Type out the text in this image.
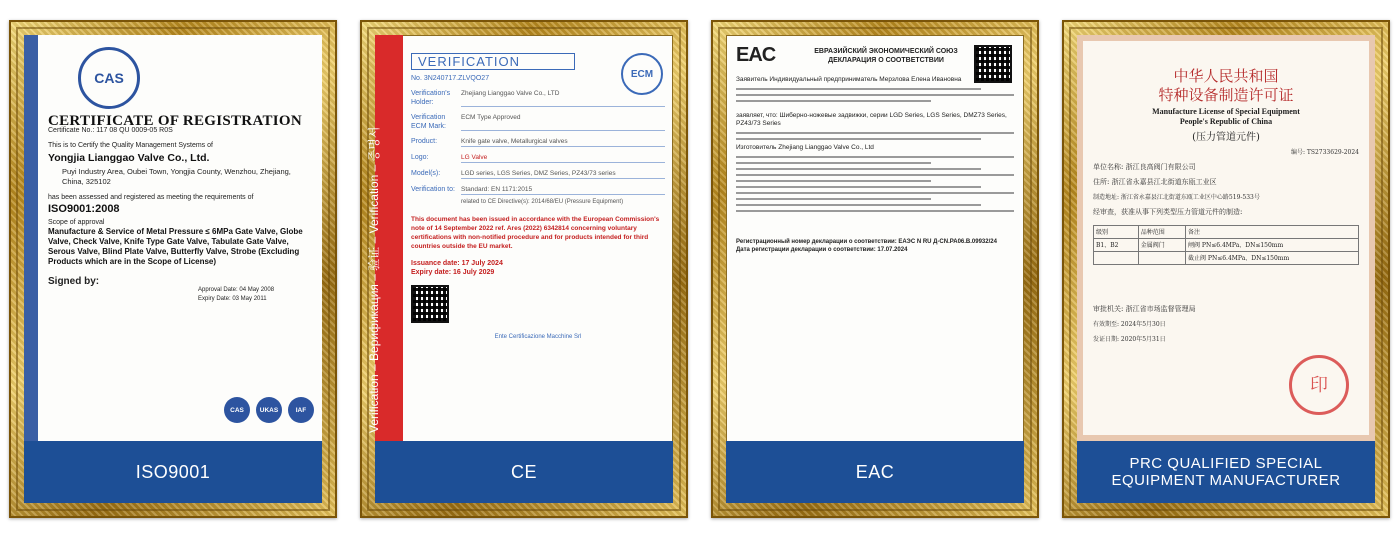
CAS
CERTIFICATE OF REGISTRATION
Certificate No.: 117 08 QU 0009-05 R0S
This is to Certify the Quality Management Systems of
Yongjia Lianggao Valve Co., Ltd.
Puyi Industry Area, Oubei Town, Yongjia County, Wenzhou, Zhejiang, China, 325102
has been assessed and registered as meeting the requirements of
ISO9001:2008
Scope of approval
Manufacture & Service of Metal Pressure ≤ 6MPa Gate Valve, Globe Valve, Check Valve, Knife Type Gate Valve, Tabulate Gate Valve, Serous Valve, Blind Plate Valve, Butterfly Valve, Strobe (Excluding Products which are in the Scope of License)
Signed by:
Approval Date: 04 May 2008
Expiry Date: 03 May 2011
CAS	UKAS	IAF
ISO9001
Verification – Верификация – 验证 – Verification – 증명서
VERIFICATION
ECM
No. 3N240717.ZLVQO27
Verification's Holder:
Zhejiang Lianggao Valve Co., LTD
Verification ECM Mark:
ECM Type Approved
Product:	Knife gate valve, Metallurgical valves
Logo:	LG Valve
Model(s):	LGD series, LGS Series, DMZ Series, PZ43/73 series
Verification to: Standard: EN 1171:2015
related to CE Directive(s): 2014/68/EU (Pressure Equipment)
This document has been issued in accordance with the European Commission's note of 14 September 2022 ref. Ares (2022) 6342814 concerning voluntary certifications with non-notified procedure and for products intended for third countries outside the EU market.
Issuance date: 17 July 2024
Expiry date: 16 July 2029
Ente Certificazione Macchine Srl
CE
EAC	ЕВРАЗИЙСКИЙ ЭКОНОМИЧЕСКИЙ СОЮЗ ДЕКЛАРАЦИЯ О СООТВЕТСТВИИ
Заявитель Индивидуальный предприниматель Мерзлова Елена Ивановна
заявляет, что: Шиберно-ножевые задвижки, серии LGD Series, LGS Series, DMZ73 Series, PZ43/73 Series
Изготовитель Zhejiang Lianggao Valve Co., Ltd
Регистрационный номер декларации о соответствии: ЕАЭС N RU Д-CN.РА06.В.09932/24
Дата регистрации декларации о соответствии: 17.07.2024
EAC
中华人民共和国
特种设备制造许可证
Manufacture License of Special Equipment
People's Republic of China
(压力管道元件)
编号: TS2733629-2024
单位名称: 浙江良高阀门有限公司
住所: 浙江省永嘉县江北街道东瓯工业区
制造地址: 浙江省永嘉县江北街道东瓯工业区中心路519-533号
经审查，获准从事下列类型压力管道元件的制造:
级别	品种范围	备注
B1、B2	金属阀门	闸阀 PN≤6.4MPa、DN≤150mm
		截止阀 PN≤6.4MPa、DN≤150mm
审批机关: 浙江省市场监督管理局
有效期至: 2024年5月30日
发证日期: 2020年5月31日
印
PRC QUALIFIED SPECIAL EQUIPMENT MANUFACTURER
